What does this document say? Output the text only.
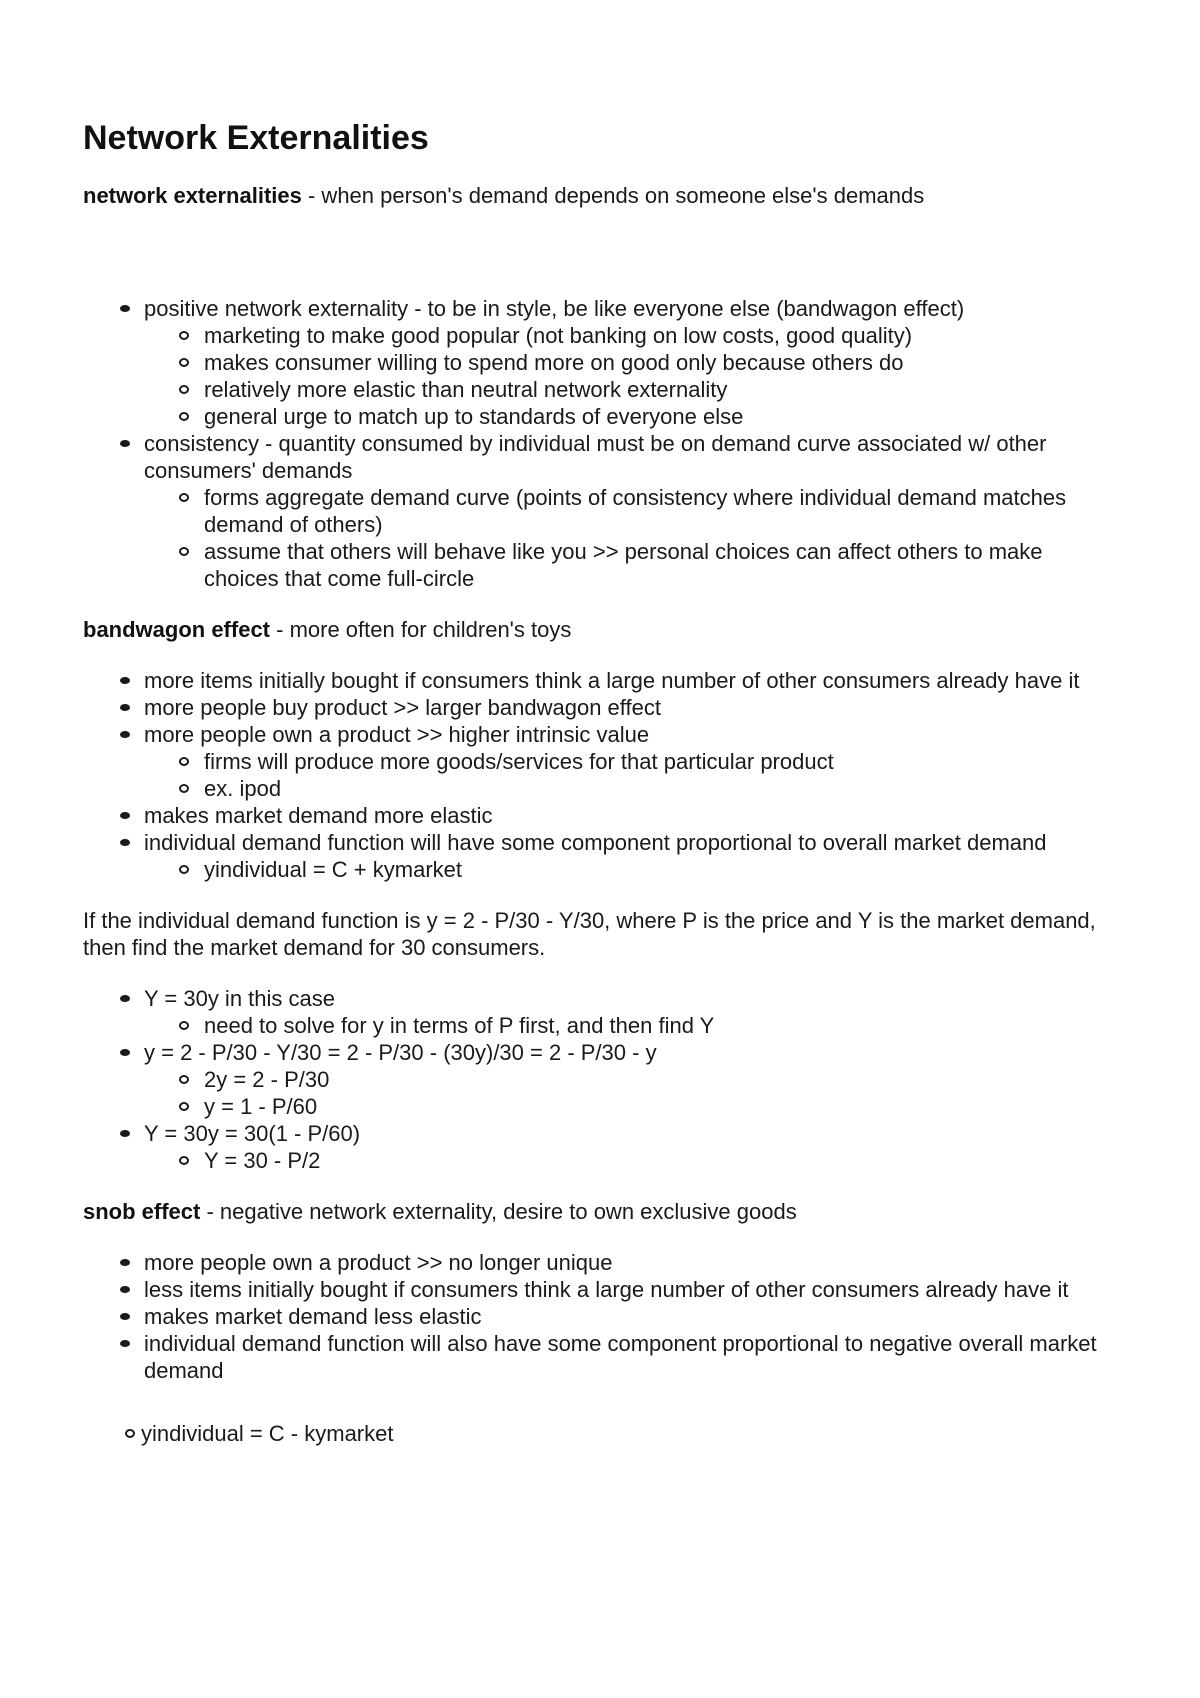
Network Externalities

network externalities - when person's demand depends on someone else's demands

positive network externality - to be in style, be like everyone else (bandwagon effect)
marketing to make good popular (not banking on low costs, good quality)
makes consumer willing to spend more on good only because others do
relatively more elastic than neutral network externality
general urge to match up to standards of everyone else
consistency - quantity consumed by individual must be on demand curve associated w/ other consumers' demands
forms aggregate demand curve (points of consistency where individual demand matches demand of others)
assume that others will behave like you >> personal choices can affect others to make choices that come full-circle

bandwagon effect - more often for children's toys

more items initially bought if consumers think a large number of other consumers already have it
more people buy product >> larger bandwagon effect
more people own a product >> higher intrinsic value
firms will produce more goods/services for that particular product
ex. ipod
makes market demand more elastic
individual demand function will have some component proportional to overall market demand
yindividual = C + kymarket

If the individual demand function is y = 2 - P/30 - Y/30, where P is the price and Y is the market demand, then find the market demand for 30 consumers.

Y = 30y in this case
need to solve for y in terms of P first, and then find Y
y = 2 - P/30 - Y/30 = 2 - P/30 - (30y)/30 = 2 - P/30 - y
2y = 2 - P/30
y = 1 - P/60
Y = 30y = 30(1 - P/60)
Y = 30 - P/2

snob effect - negative network externality, desire to own exclusive goods

more people own a product >> no longer unique
less items initially bought if consumers think a large number of other consumers already have it
makes market demand less elastic
individual demand function will also have some component proportional to negative overall market demand
yindividual = C - kymarket
